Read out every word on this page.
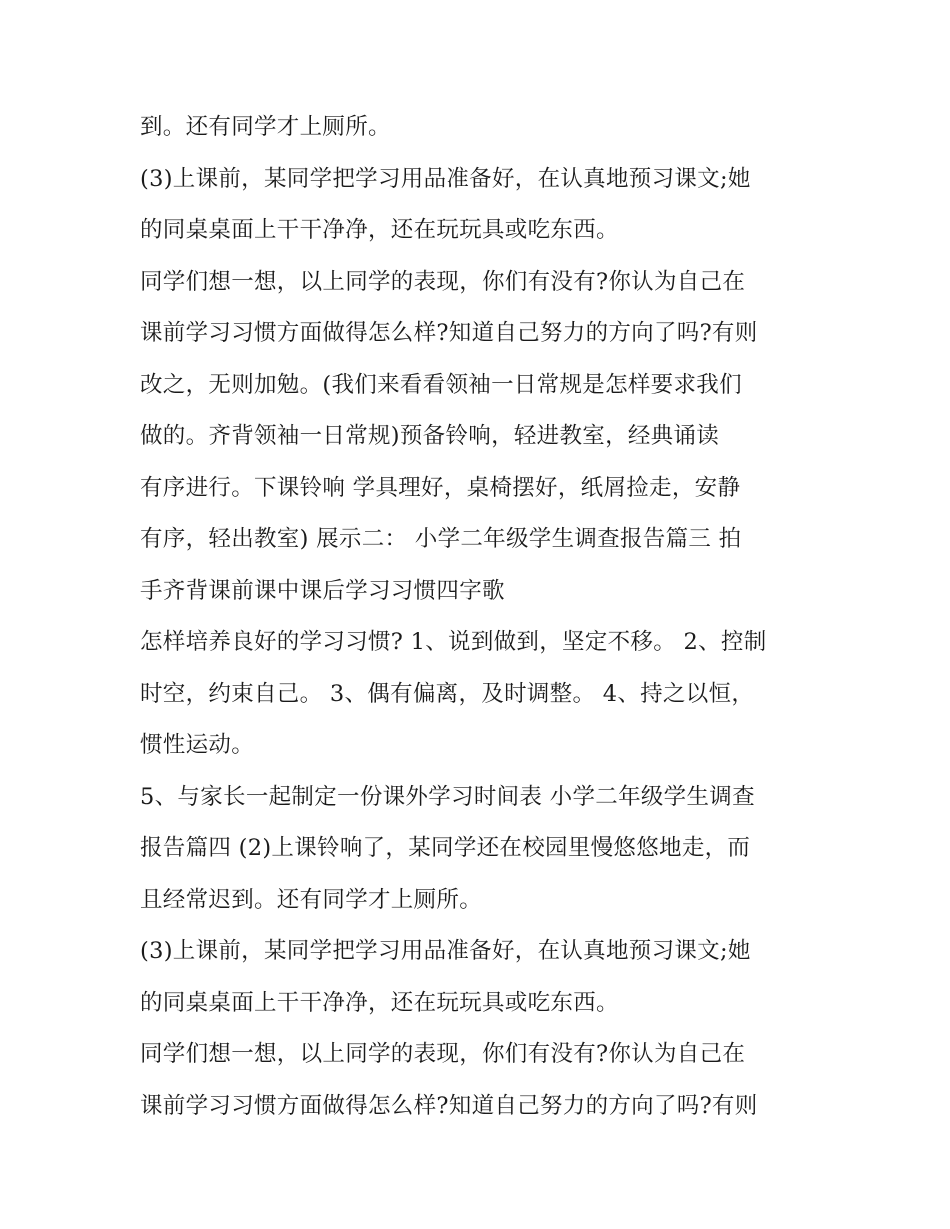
到。还有同学才上厕所。
(3)上课前，某同学把学习用品准备好，在认真地预习课文;她
的同桌桌面上干干净净，还在玩玩具或吃东西。
同学们想一想，以上同学的表现，你们有没有?你认为自己在
课前学习习惯方面做得怎么样?知道自己努力的方向了吗?有则
改之，无则加勉。(我们来看看领袖一日常规是怎样要求我们
做的。齐背领袖一日常规)预备铃响，轻进教室，经典诵读
有序进行。下课铃响 学具理好，桌椅摆好，纸屑捡走，安静
有序，轻出教室) 展示二： 小学二年级学生调查报告篇三 拍
手齐背课前课中课后学习习惯四字歌
怎样培养良好的学习习惯? 1、说到做到，坚定不移。 2、控制
时空，约束自己。 3、偶有偏离，及时调整。 4、持之以恒，
惯性运动。
5、与家长一起制定一份课外学习时间表 小学二年级学生调查
报告篇四 (2)上课铃响了，某同学还在校园里慢悠悠地走，而
且经常迟到。还有同学才上厕所。
(3)上课前，某同学把学习用品准备好，在认真地预习课文;她
的同桌桌面上干干净净，还在玩玩具或吃东西。
同学们想一想，以上同学的表现，你们有没有?你认为自己在
课前学习习惯方面做得怎么样?知道自己努力的方向了吗?有则
